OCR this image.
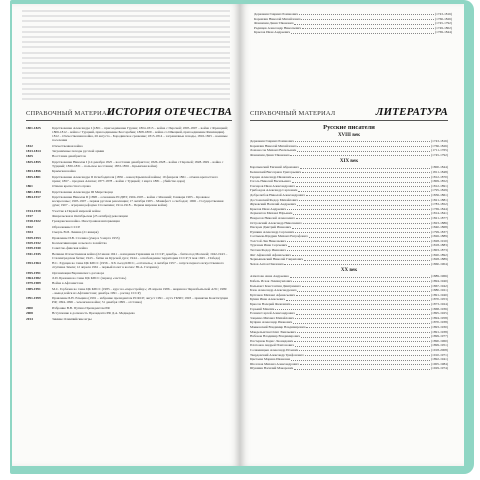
СПРАВОЧНЫЙ МАТЕРИАЛ
ИСТОРИЯ ОТЕЧЕСТВА
1801-1825	Царствование Александра I (1801 – присоединение Грузии; 1804-1813 – война с Персией; 1805-1807 – война с Францией; 1806-1812 – война с Турцией, присоединение Бессарабии; 1808-1809 – война со Швецией, присоединение Финляндии). 1812 – Отечественная война, 26 августа – Бородинское сражение; 1813-1814 – заграничные походы, 1816-1825 – военные поселения
1812	Отечественная война
1813-1814	Заграничные походы русской армии
1825	Восстание декабристов
1825-1855	Царствование Николая I (14 декабря 1825 – восстание декабристов; 1826-1828 – война с Персией; 1828-1829 – война с Турцией; 1830-1831 – польское восстание; 1853-1856 – Крымская война)
1853-1856	Крымская война
1855-1881	Царствование Александра II Освободителя (1856 – конец Крымской войны; 19 февраля 1861 – отмена крепостного права; 1867 – продажа Аляски; 1877-1878 – война с Турцией; 1 марта 1881 – убийство царя)
1861	Отмена крепостного права
1881-1894	Царствование Александра III Миротворца
1894-1917	Царствование Николая II (1898 – основание РСДРП; 1904-1905 – война с Японией; 9 января 1905 – Кровавое воскресенье; 1905-1907 – первая русская революция; 17 октября 1905 – Манифест о свободах; 1906 – Государственная дума; 1907 – аграрная реформа Столыпина; 1914-1918 – Первая мировая война)
1914-1918	Участие в Первой мировой войне
1917	Февральская и Октябрьская (25 октября) революции
1918-1922	Гражданская война. Иностранная интервенция
1922	Образование СССР
1924	Смерть В.И. Ленина (21 января)
1929-1953	Правление И.В. Сталина (умер в 5 марта 1953)
1929-1932	Коллективизация сельского хозяйства
1939-1940	Советско-финская война
1941-1945	Великая Отечественная война (22 июня 1941 – нападение Германии на СССР; декабрь – битва под Москвой; 1942-1943 – Сталинградская битва; 1943 – битва на Курской дуге; 1944 – освобождение территории СССР; 9 мая 1945 – Победа)
1953-1964	Н.С. Хрущев во главе ЦК КПСС (1956 – XX съезд КПСС, «оттепель»; 4 октября 1957 – запуск первого искусственного спутника Земли; 12 апреля 1961 – первый полет в космос Ю.А. Гагарина)
1955-1991	Организация Варшавского договора
1964-1982	Л.И. Брежнев во главе ЦК КПСС (период «застоя»)
1979-1989	Война в Афганистане
1985-1991	М.С. Горбачев во главе ЦК КПСС (1985 – курс на «перестройку»; 26 апреля 1986 – авария на Чернобыльской АЭС; 1989 – вывод войск из Афганистана; декабрь 1991 – распад СССР)
1991-1999	Правление Б.Н. Ельцина (1991 – избрание президентом РСФСР; август 1991 – путч ГКЧП; 1993 – принятие Конституции РФ; 1994-1996 – чеченская война; 31 декабря 1999 – отставка)
2000	Избрание В.В. Путина Президентом РФ
2008	Вступление в должность Президента РФ Д.А. Медведева
2014	Зимние Олимпийские игры
Державин Гавриил Романович	(1743-1816)
Карамзин Николай Михайлович	(1766-1826)
Фонвизин Денис Иванович	(1745-1792)
Радищев Александр Николаевич	(1749-1802)
Крылов Иван Андреевич	(1769-1844)
СПРАВОЧНЫЙ МАТЕРИАЛ	ЛИТЕРАТУРА
Русские писатели
XVIII век
Державин Гавриил Романович	(1743-1816)
Карамзин Николай Михайлович	(1766-1826)
Ломоносов Михаил Васильевич	(1711-1765)
Фонвизин Денис Иванович	(1745-1792)
XIX век
Баратынский Евгений Абрамович	(1800-1844)
Белинский Виссарион Григорьевич	(1811-1848)
Герцен Александр Иванович	(1812-1870)
Гоголь Николай Васильевич	(1809-1852)
Гончаров Иван Александрович	(1812-1891)
Грибоедов Александр Сергеевич	(1795-1829)
Добролюбов Николай Александрович	(1836-1861)
Достоевский Федор Михайлович	(1821-1881)
Жуковский Василий Андреевич	(1783-1852)
Крылов Иван Андреевич	(1769-1844)
Лермонтов Михаил Юрьевич	(1814-1841)
Некрасов Николай Алексеевич	(1821-1877)
Островский Александр Николаевич	(1823-1886)
Писарев Дмитрий Иванович	(1840-1868)
Пушкин Александр Сергеевич	(1799-1837)
Салтыков-Щедрин Михаил Евграфович	(1826-1889)
Толстой Лев Николаевич	(1828-1910)
Тургенев Иван Сергеевич	(1818-1883)
Тютчев Федор Иванович	(1803-1873)
Фет Афанасий Афанасьевич	(1820-1892)
Чернышевский Николай Гаврилович	(1828-1889)
Чехов Антон Павлович	(1860-1904)
XX век
Ахматова Анна Андреевна	(1889-1966)
Бабель Исаак Эммануилович	(1894-1940)
Бальмонт Константин Дмитриевич	(1867-1942)
Блок Александр Александрович	(1880-1921)
Булгаков Михаил Афанасьевич	(1891-1940)
Бунин Иван Алексеевич	(1870-1953)
Брюсов Валерий Яковлевич	(1873-1924)
Горький Максим	(1868-1936)
Есенин Сергей Александрович	(1895-1925)
Зощенко Михаил Михайлович	(1894-1958)
Куприн Александр Иванович	(1870-1938)
Маяковский Владимир Владимирович	(1893-1930)
Мандельштам Осип Эмильевич	(1891-1938)
Набоков Владимир Владимирович	(1899-1977)
Пастернак Борис Леонидович	(1890-1960)
Платонов Андрей Платонович	(1899-1951)
Солженицын Александр Исаевич	(1918-2008)
Твардовский Александр Трифонович	(1910-1971)
Цветаева Марина Ивановна	(1892-1941)
Шолохов Михаил Александрович	(1905-1984)
Шукшин Василий Макарович	(1929-1974)
